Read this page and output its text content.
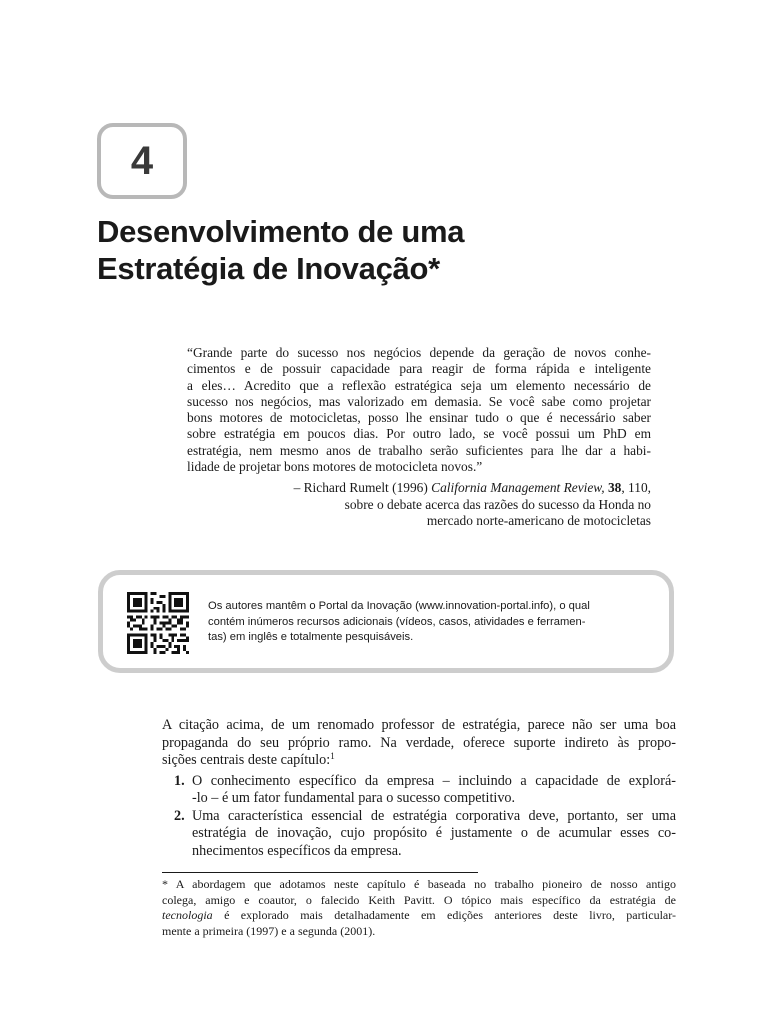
4
Desenvolvimento de uma
Estratégia de Inovação*
“Grande parte do sucesso nos negócios depende da geração de novos conhe-
cimentos e de possuir capacidade para reagir de forma rápida e inteligente
a eles… Acredito que a reflexão estratégica seja um elemento necessário de
sucesso nos negócios, mas valorizado em demasia. Se você sabe como projetar
bons motores de motocicletas, posso lhe ensinar tudo o que é necessário saber
sobre estratégia em poucos dias. Por outro lado, se você possui um PhD em
estratégia, nem mesmo anos de trabalho serão suficientes para lhe dar a habi-
lidade de projetar bons motores de motocicleta novos.”
– Richard Rumelt (1996) California Management Review, 38, 110,
sobre o debate acerca das razões do sucesso da Honda no
mercado norte-americano de motocicletas
Os autores mantêm o Portal da Inovação (www.innovation-portal.info), o qual
contém inúmeros recursos adicionais (vídeos, casos, atividades e ferramen-
tas) em inglês e totalmente pesquisáveis.
A citação acima, de um renomado professor de estratégia, parece não ser uma boa
propaganda do seu próprio ramo. Na verdade, oferece suporte indireto às propo-
sições centrais deste capítulo:$^1$
1. O conhecimento específico da empresa – incluindo a capacidade de explorá-
-lo – é um fator fundamental para o sucesso competitivo.
2. Uma característica essencial de estratégia corporativa deve, portanto, ser uma
estratégia de inovação, cujo propósito é justamente o de acumular esses co-
nhecimentos específicos da empresa.
* A abordagem que adotamos neste capítulo é baseada no trabalho pioneiro de nosso antigo
colega, amigo e coautor, o falecido Keith Pavitt. O tópico mais específico da estratégia de
tecnologia é explorado mais detalhadamente em edições anteriores deste livro, particular-
mente a primeira (1997) e a segunda (2001).
